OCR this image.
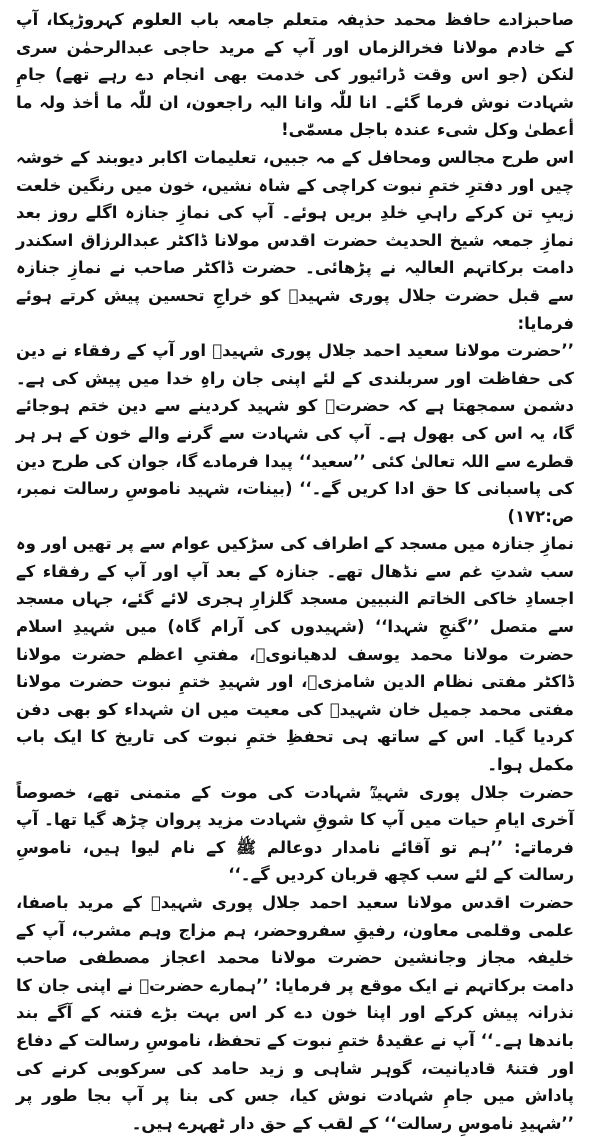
صاحبزادے حافظ محمد حذیفہ متعلم جامعہ باب العلوم کہروڑپکا، آپ کے خادم مولانا فخرالزماں اور آپ کے مرید حاجی عبدالرحمٰن سری لنکن (جو اس وقت ڈرائیور کی خدمت بھی انجام دے رہے تھے) جامِ شہادت نوش فرما گئے۔ انا للّٰہ وانا الیہ راجعون، ان للّٰہ ما أخذ ولہ ما أعطیٰ وکل شیء عندہ باجل مسمّٰی!

اس طرح مجالس ومحافل کے مہ جبیں، تعلیمات اکابر دیوبند کے خوشہ چیں اور دفترِ ختمِ نبوت کراچی کے شاہ نشیں، خون میں رنگین خلعت زیبِ تن کرکے راہیِ خلدِ بریں ہوئے۔ آپ کی نمازِ جنازہ اگلے روز بعد نمازِ جمعہ شیخ الحدیث حضرت اقدس مولانا ڈاکٹر عبدالرزاق اسکندر دامت برکاتہم العالیہ نے پڑھائی۔ حضرت ڈاکٹر صاحب نے نمازِ جنازہ سے قبل حضرت جلال پوری شہیدؒ کو خراجِ تحسین پیش کرتے ہوئے فرمایا:

’’حضرت مولانا سعید احمد جلال پوری شہیدؒ اور آپ کے رفقاء نے دین کی حفاظت اور سربلندی کے لئے اپنی جان راہِ خدا میں پیش کی ہے۔ دشمن سمجھتا ہے کہ حضرتؒ کو شہید کردینے سے دین ختم ہوجائے گا، یہ اس کی بھول ہے۔ آپ کی شہادت سے گرنے والے خون کے ہر ہر قطرے سے اللہ تعالیٰ کئی ’’سعید‘‘ پیدا فرمادے گا، جوان کی طرح دین کی پاسبانی کا حق ادا کریں گے۔‘‘ (بینات، شہید ناموسِ رسالت نمبر، ص:۱۷۲)

نمازِ جنازہ میں مسجد کے اطراف کی سڑکیں عوام سے پر تھیں اور وہ سب شدتِ غم سے نڈھال تھے۔ جنازہ کے بعد آپ اور آپ کے رفقاء کے اجسادِ خاکی الخاتم النبیین مسجد گلزارِ ہجری لائے گئے، جہاں مسجد سے متصل ’’گنجِ شہدا‘‘ (شہیدوں کی آرام گاہ) میں شہیدِ اسلام حضرت مولانا محمد یوسف لدھیانویؒ، مفتیِ اعظم حضرت مولانا ڈاکٹر مفتی نظام الدین شامزیؒ، اور شہیدِ ختمِ نبوت حضرت مولانا مفتی محمد جمیل خان شہیدؒ کی معیت میں ان شہداء کو بھی دفن کردیا گیا۔ اس کے ساتھ ہی تحفظِ ختمِ نبوت کی تاریخ کا ایک باب مکمل ہوا۔

حضرت جلال پوری شہیدؒ شہادت کی موت کے متمنی تھے، خصوصاً آخری ایامِ حیات میں آپ کا شوقِ شہادت مزید پروان چڑھ گیا تھا۔ آپ فرماتے: ’’ہم تو آقائے نامدار دوعالم ﷺ کے نام لیوا ہیں، ناموسِ رسالت کے لئے سب کچھ قربان کردیں گے۔‘‘

حضرت اقدس مولانا سعید احمد جلال پوری شہیدؒ کے مرید باصفا، علمی وقلمی معاون، رفیقِ سفروحضر، ہم مزاج وہم مشرب، آپ کے خلیفہ مجاز وجانشین حضرت مولانا محمد اعجاز مصطفی صاحب دامت برکاتہم نے ایک موقع پر فرمایا: ’’ہمارے حضرتؒ نے اپنی جان کا نذرانہ پیش کرکے اور اپنا خون دے کر اس بہت بڑے فتنہ کے آگے بند باندھا ہے۔‘‘ آپ نے عقیدۂ ختمِ نبوت کے تحفظ، ناموسِ رسالت کے دفاع اور فتنۂ قادیانیت، گوہر شاہی و زید حامد کی سرکوبی کرنے کی پاداش میں جامِ شہادت نوش کیا، جس کی بنا پر آپ بجا طور پر ’’شہیدِ ناموسِ رسالت‘‘ کے لقب کے حق دار ٹھہرے ہیں۔
